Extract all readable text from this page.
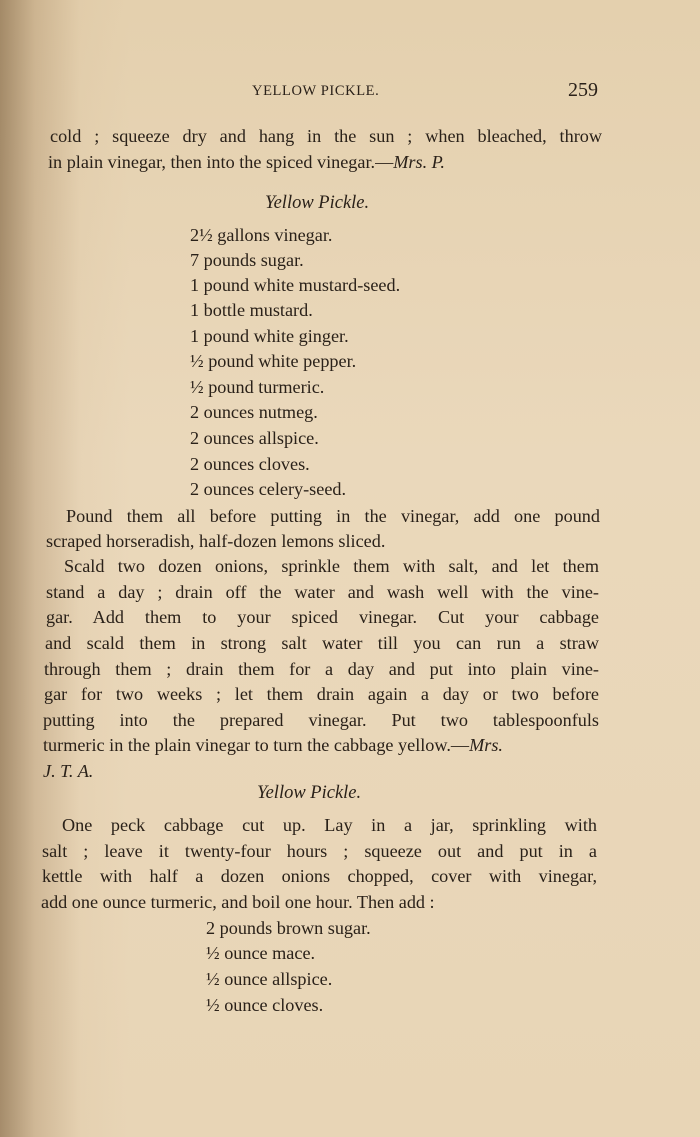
YELLOW PICKLE.	259
cold ; squeeze dry and hang in the sun ; when bleached, throw
in plain vinegar, then into the spiced vinegar.—Mrs. P.
Yellow Pickle.
2½ gallons vinegar.
7 pounds sugar.
1 pound white mustard-seed.
1 bottle mustard.
1 pound white ginger.
½ pound white pepper.
½ pound turmeric.
2 ounces nutmeg.
2 ounces allspice.
2 ounces cloves.
2 ounces celery-seed.
Pound them all before putting in the vinegar, add one pound
scraped horseradish, half-dozen lemons sliced.
Scald two dozen onions, sprinkle them with salt, and let them
stand a day ; drain off the water and wash well with the vine-
gar. Add them to your spiced vinegar. Cut your cabbage
and scald them in strong salt water till you can run a straw
through them ; drain them for a day and put into plain vine-
gar for two weeks ; let them drain again a day or two before
putting into the prepared vinegar. Put two tablespoonfuls
turmeric in the plain vinegar to turn the cabbage yellow.—Mrs.
J. T. A.
Yellow Pickle.
One peck cabbage cut up. Lay in a jar, sprinkling with
salt ; leave it twenty-four hours ; squeeze out and put in a
kettle with half a dozen onions chopped, cover with vinegar,
add one ounce turmeric, and boil one hour. Then add :
2 pounds brown sugar.
½ ounce mace.
½ ounce allspice.
½ ounce cloves.
